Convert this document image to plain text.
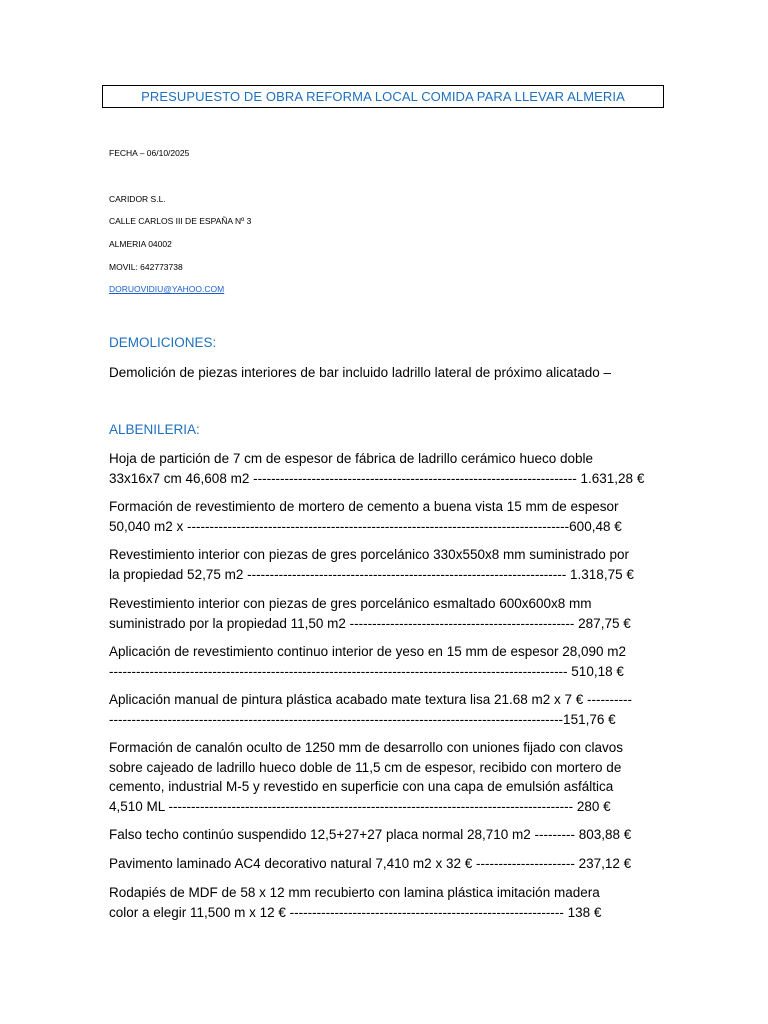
PRESUPUESTO DE OBRA REFORMA LOCAL COMIDA PARA LLEVAR ALMERIA
FECHA – 06/10/2025
CARIDOR S.L.
CALLE CARLOS III DE ESPAÑA Nº 3
ALMERIA 04002
MOVIL: 642773738
DORUOVIDIU@YAHOO.COM
DEMOLICIONES:
Demolición de piezas interiores de bar incluido ladrillo lateral de próximo alicatado –
ALBENILERIA:
Hoja de partición de 7 cm de espesor de fábrica de ladrillo cerámico hueco doble
33x16x7 cm 46,608 m2 ------------------------------------------------------------------------ 1.631,28 €
Formación de revestimiento de mortero de cemento a buena vista 15 mm de espesor
50,040 m2 x -------------------------------------------------------------------------------------600,48 €
Revestimiento interior con piezas de gres porcelánico 330x550x8 mm suministrado por
la propiedad 52,75 m2 ----------------------------------------------------------------------- 1.318,75 €
Revestimiento interior con piezas de gres porcelánico esmaltado 600x600x8 mm
suministrado por la propiedad 11,50 m2 -------------------------------------------------- 287,75 €
Aplicación de revestimiento continuo interior de yeso en 15 mm de espesor 28,090 m2
------------------------------------------------------------------------------------------------------ 510,18 €
Aplicación manual de pintura plástica acabado mate textura lisa 21.68 m2 x 7 € ----------
-----------------------------------------------------------------------------------------------------151,76 €
Formación de canalón oculto de 1250 mm de desarrollo con uniones fijado con clavos
sobre cajeado de ladrillo hueco doble de 11,5 cm de espesor, recibido con mortero de
cemento, industrial M-5 y revestido en superficie con una capa de emulsión asfáltica
4,510 ML ------------------------------------------------------------------------------------------ 280 €
Falso techo continúo suspendido 12,5+27+27 placa normal 28,710 m2 --------- 803,88 €
Pavimento laminado AC4 decorativo natural 7,410 m2 x 32 € ---------------------- 237,12 €
Rodapiés de MDF de 58 x 12 mm recubierto con lamina plástica imitación madera
color a elegir 11,500 m x 12 € ------------------------------------------------------------- 138 €
